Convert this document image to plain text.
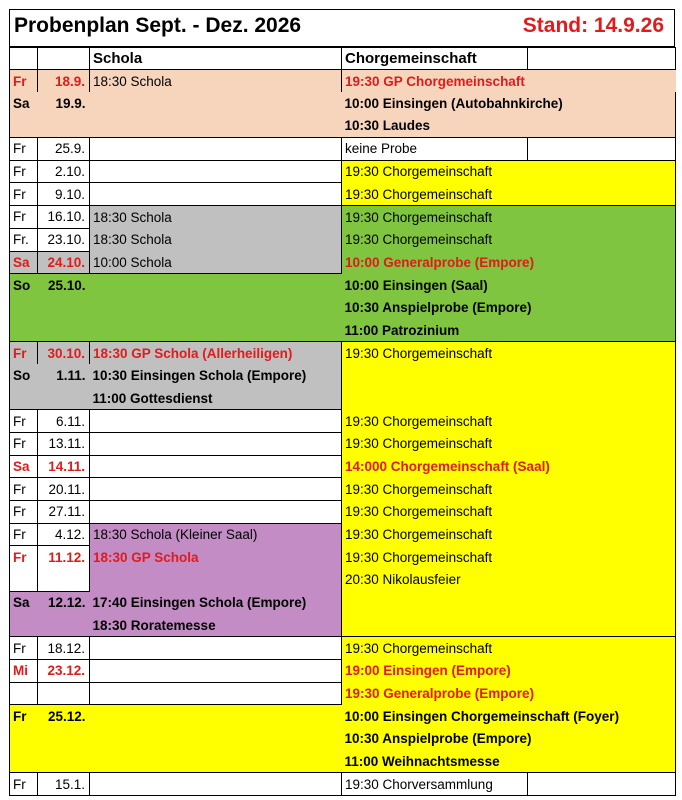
Probenplan Sept. - Dez. 2026	Stand: 14.9.26
		Schola	Chorgemeinschaft	
Fr	18.9.	18:30 Schola	19:30 GP Chorgemeinschaft	
Sa	19.9.		10:00 Einsingen (Autobahnkirche)	
			10:30 Laudes	
Fr	25.9.		keine Probe	
Fr	2.10.		19:30 Chorgemeinschaft	
Fr	9.10.		19:30 Chorgemeinschaft	
Fr	16.10.	18:30 Schola	19:30 Chorgemeinschaft	
Fr.	23.10.	18:30 Schola	19:30 Chorgemeinschaft	
Sa	24.10.	10:00 Schola	10:00 Generalprobe (Empore)	
So	25.10.		10:00 Einsingen (Saal)	
			10:30 Anspielprobe (Empore)	
			11:00 Patrozinium	
Fr	30.10.	18:30 GP Schola (Allerheiligen)	19:30 Chorgemeinschaft	
So	1.11.	10:30 Einsingen Schola (Empore)		
		11:00 Gottesdienst		
Fr	6.11.		19:30 Chorgemeinschaft	
Fr	13.11.		19:30 Chorgemeinschaft	
Sa	14.11.		14:000 Chorgemeinschaft (Saal)	
Fr	20.11.		19:30 Chorgemeinschaft	
Fr	27.11.		19:30 Chorgemeinschaft	
Fr	4.12.	18:30 Schola (Kleiner Saal)	19:30 Chorgemeinschaft	
Fr	11.12.	18:30 GP Schola	19:30 Chorgemeinschaft	
			20:30 Nikolausfeier	
Sa	12.12.	17:40 Einsingen Schola (Empore)		
		18:30 Roratemesse		
Fr	18.12.		19:30 Chorgemeinschaft	
Mi	23.12.		19:00 Einsingen (Empore)	
			19:30 Generalprobe (Empore)	
Fr	25.12.		10:00 Einsingen Chorgemeinschaft (Foyer)	
			10:30 Anspielprobe (Empore)	
			11:00 Weihnachtsmesse	
Fr	15.1.		19:30 Chorversammlung	
